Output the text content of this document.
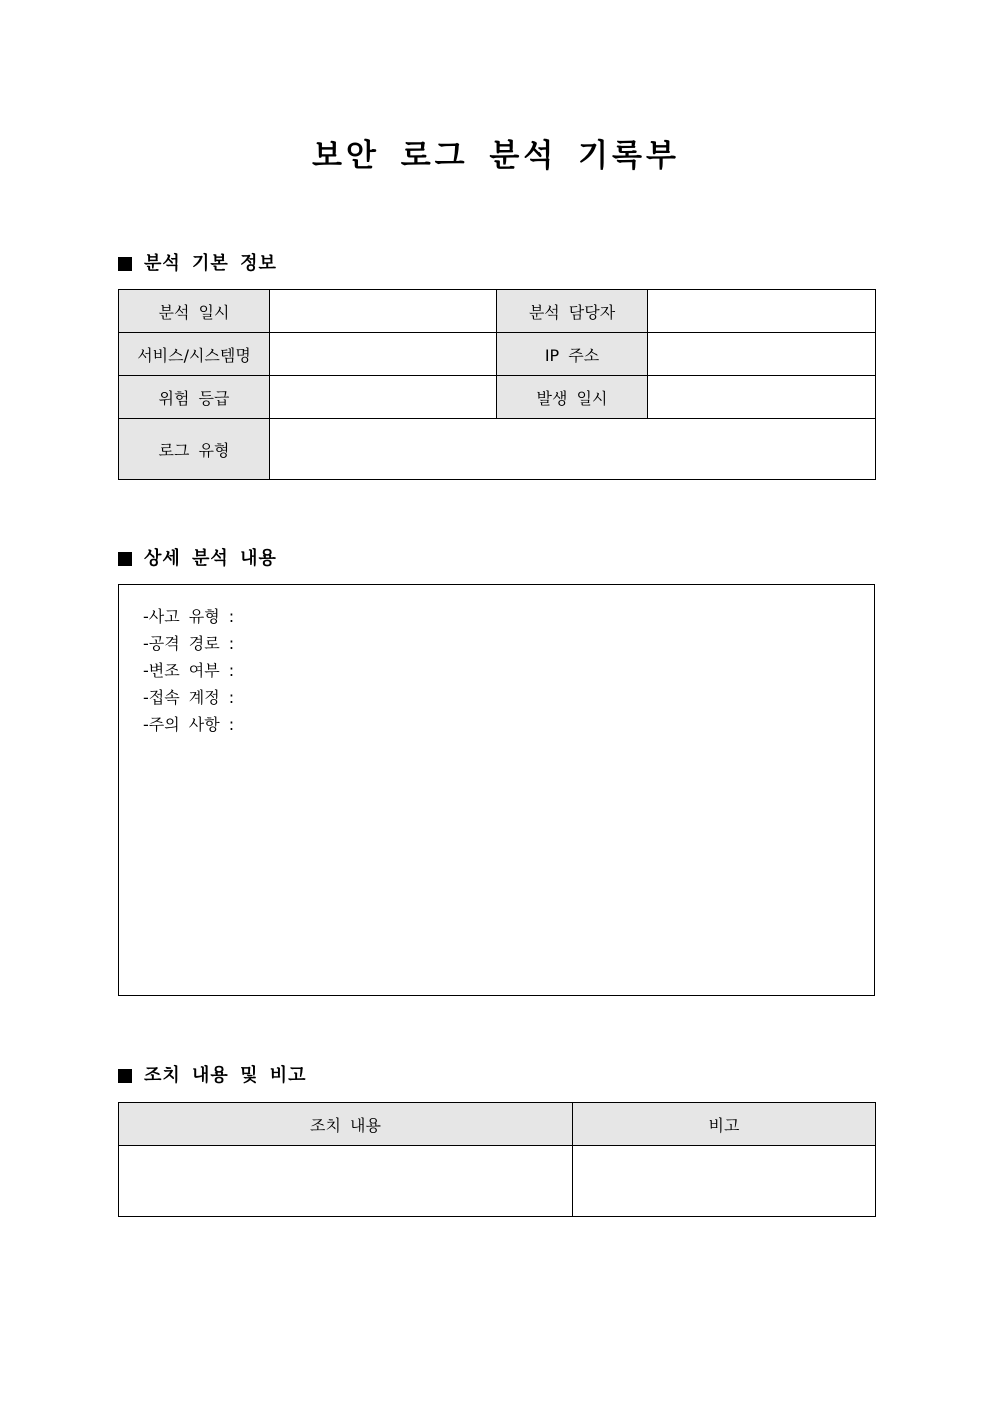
보안 로그 분석 기록부
분석 기본 정보
분석 일시		분석 담당자	
서비스/시스템명		IP 주소	
위험 등급		발생 일시	
로그 유형			
상세 분석 내용
-사고 유형 :
-공격 경로 :
-변조 여부 :
-접속 계정 :
-주의 사항 :
조치 내용 및 비고
조치 내용	비고
